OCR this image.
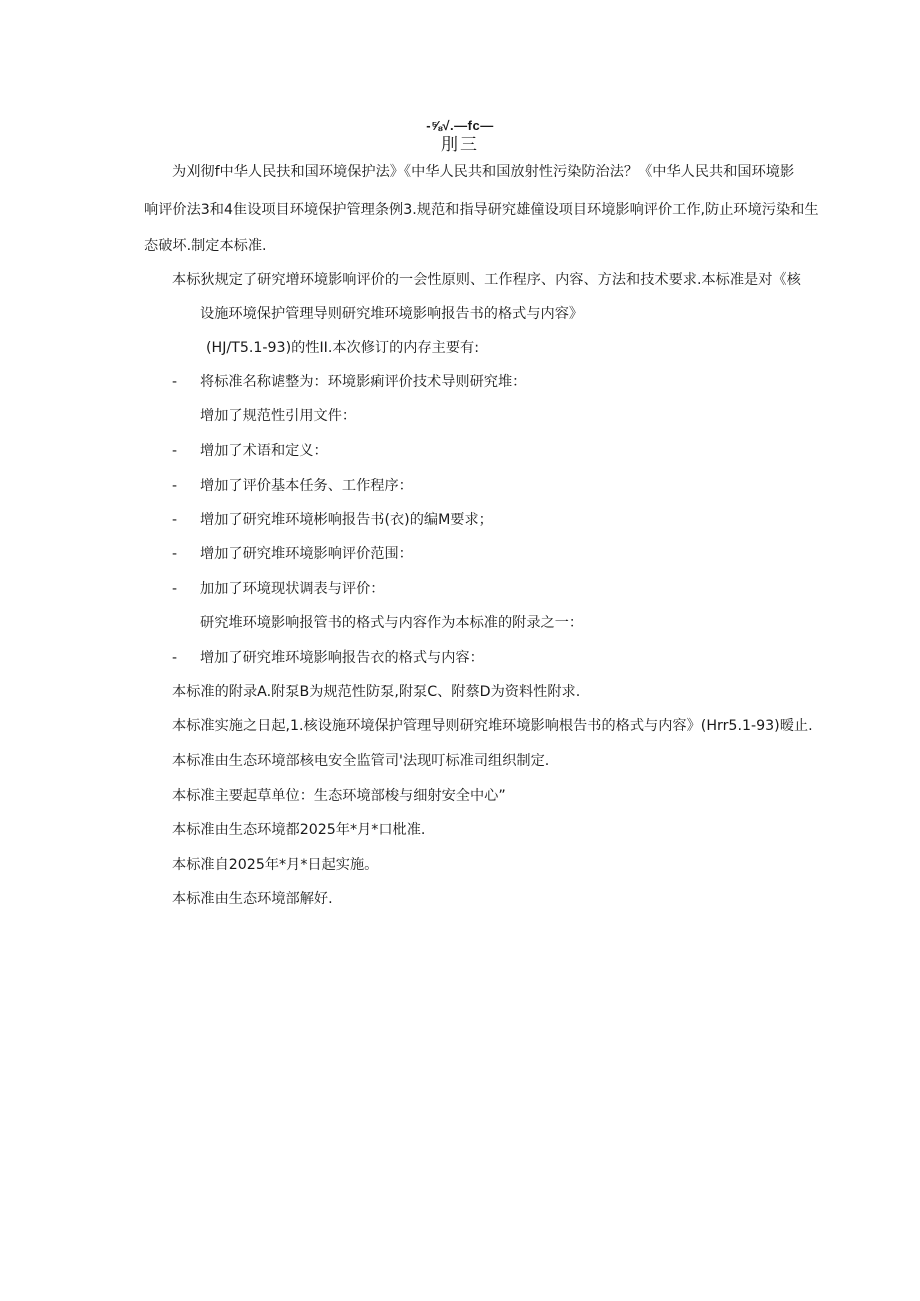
-⅝√.—fc—
刖三
为刈彻f中华人民扶和国环境保护法》《中华人民共和国放射性污染防治法？《中华人民共和国环境影
响评价法3和4隹设项目环境保护管理条例3.规范和指导研究雄僮设项目环境影响评价工作,防止环境污染和生
态破坏.制定本标准.
本标狄规定了研究增环境影响评价的一会性原则、工作程序、内容、方法和技术要求.本标准是对《核
设施环境保护管理导则研究堆环境影响报告书的格式与内容》
(HJ/T5.1-93)的性II.本次修订的内存主要有:
- 将标准名称谑整为：环境影痢评价技术导则研究堆：
增加了规范性引用文件：
- 增加了术语和定义：
- 增加了评价基本任务、工作程序：
- 增加了研究堆环境彬响报告书(衣)的编M要求；
- 增加了研究堆环境影响评价范围：
- 加加了环境现状调表与评价：
研究堆环境影响报管书的格式与内容作为本标准的附录之一：
- 增加了研究堆环境影响报告衣的格式与内容：
本标准的附录A.附泵B为规范性防泵,附泵C、附蔡D为资料性附求.
本标准实施之日起,1.核设施环境保护管理导则研究堆环境影响根告书的格式与内容》(Hrr5.1-93)暧止.
本标准由生态环境部核电安全监管司'法现叮标准司组织制定.
本标准主要起草单位：生态环境部梭与细射安全中心”
本标准由生态环境都2025年*月*口枇准.
本标准自2025年*月*日起实施。
本标准由生态环境部解好.
